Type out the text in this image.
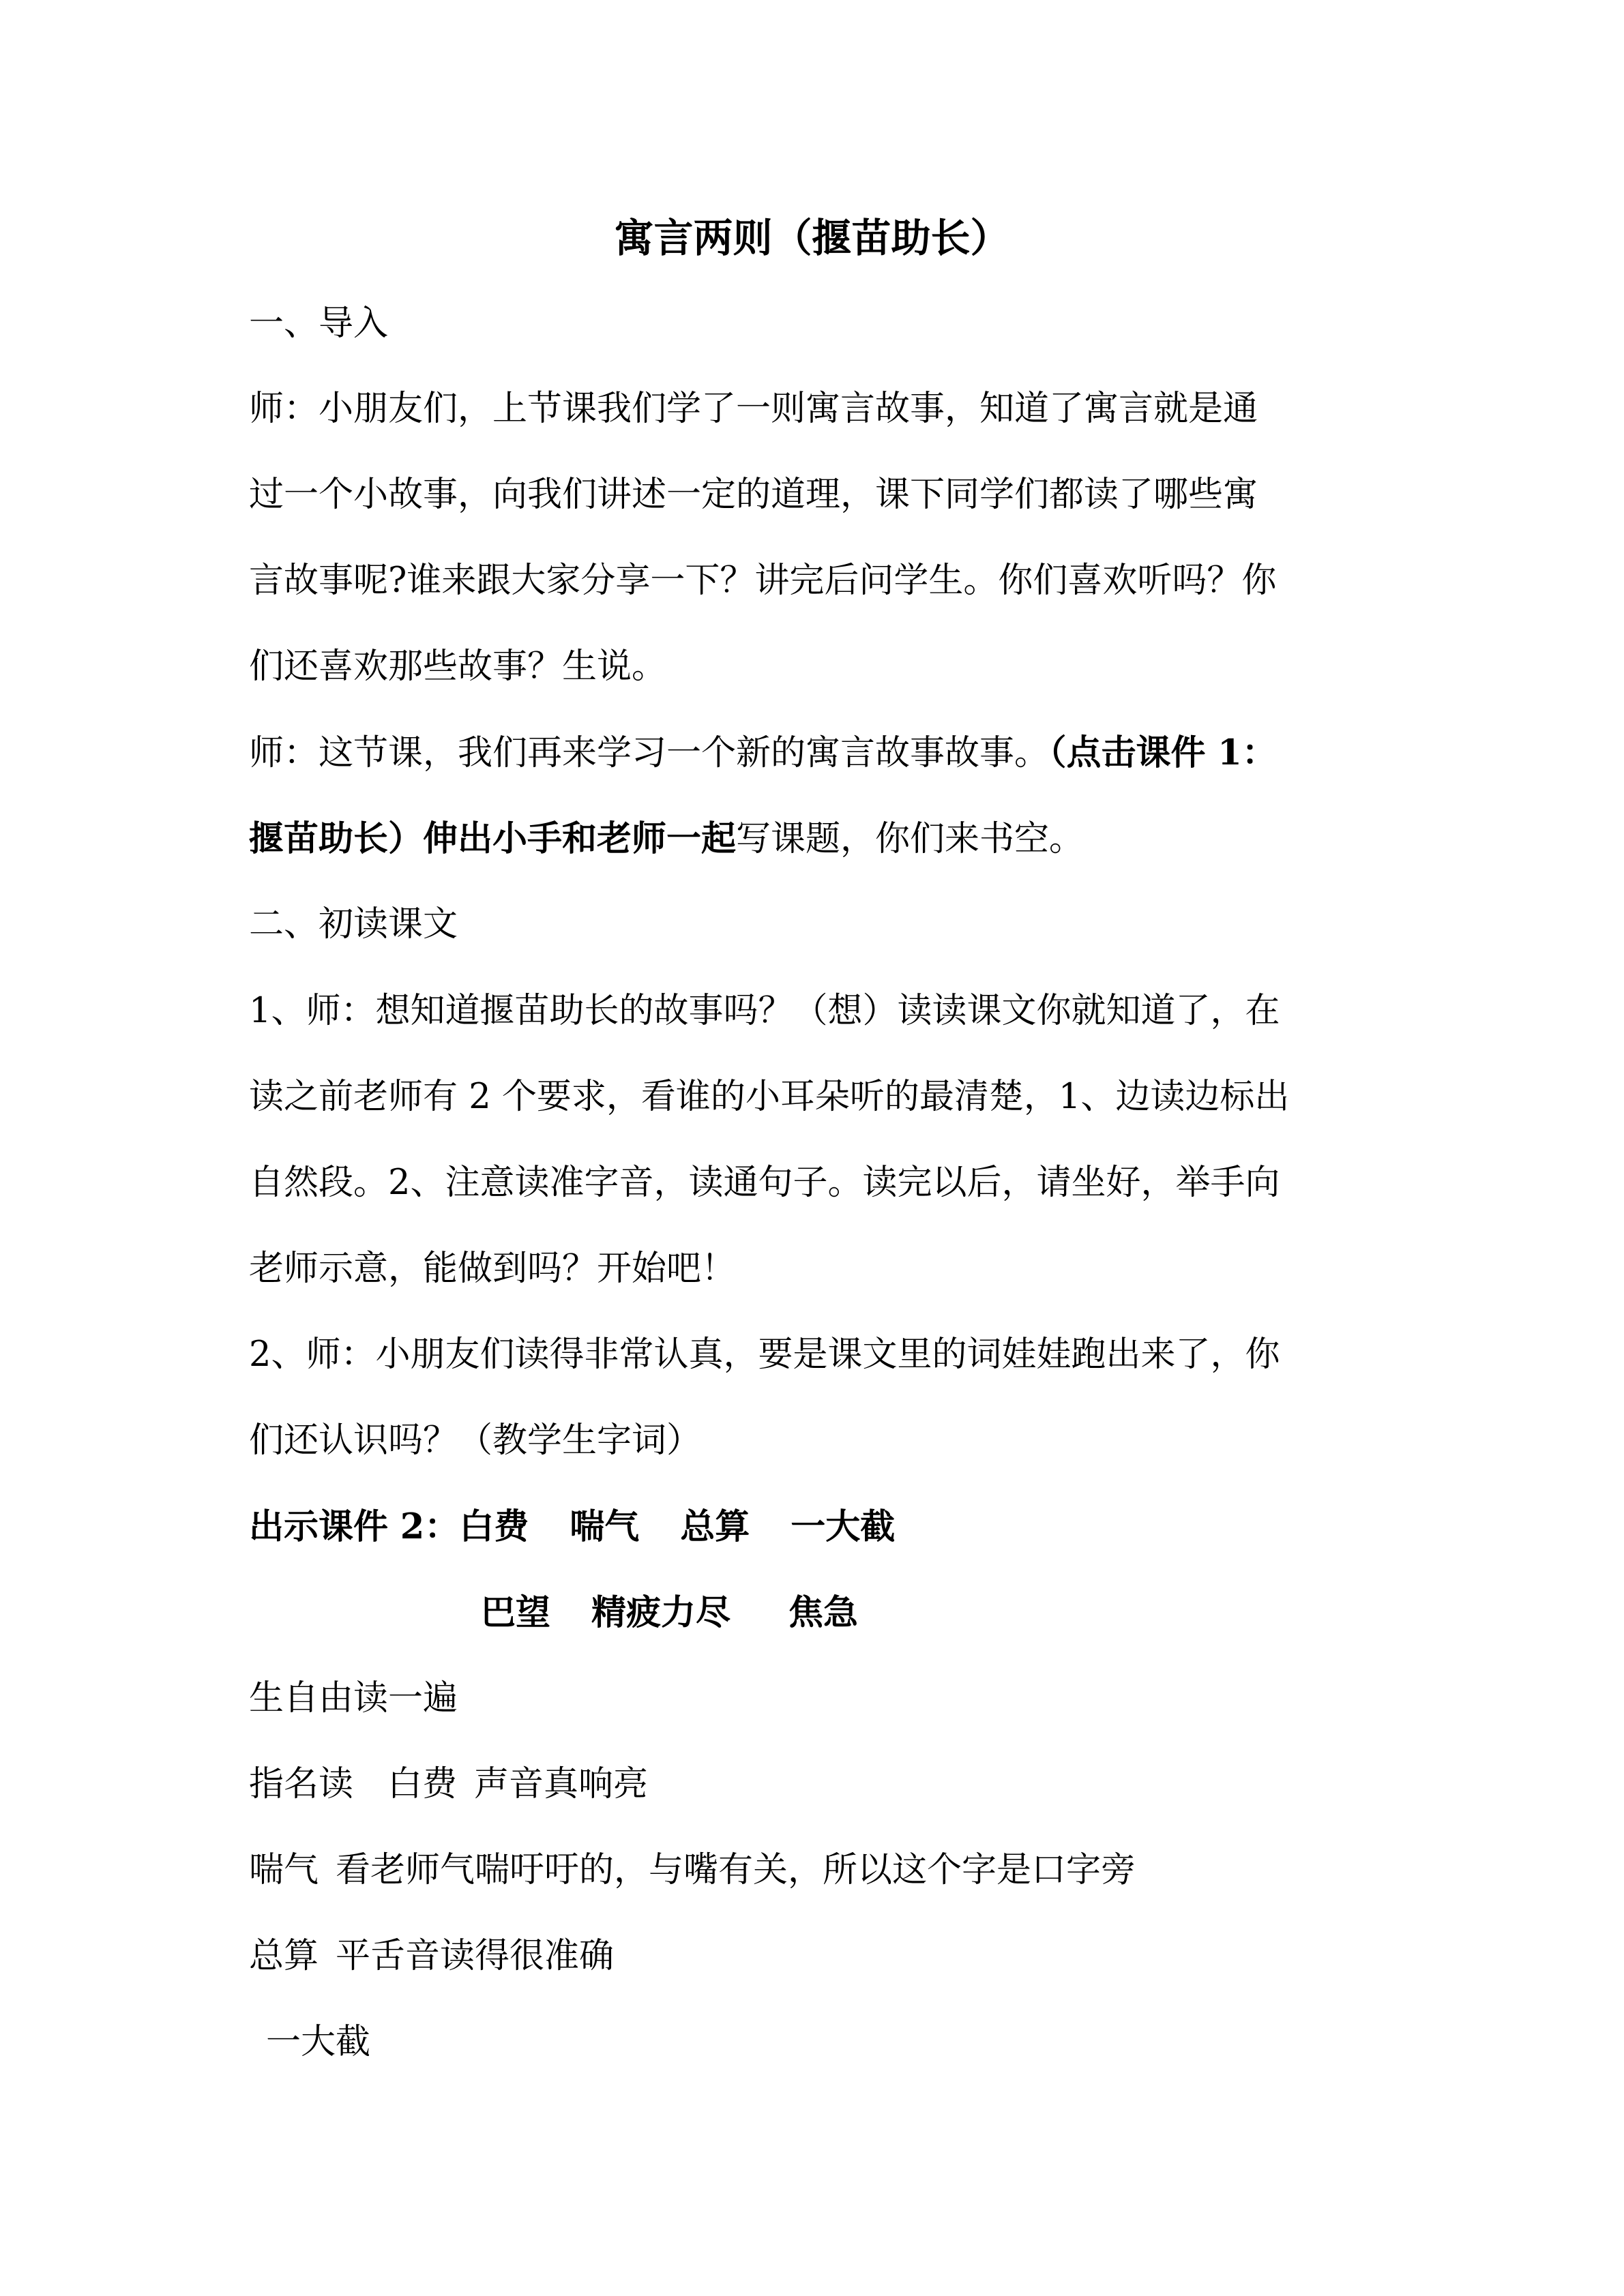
寓言两则（揠苗助长）
一、导入
师：小朋友们，上节课我们学了一则寓言故事，知道了寓言就是通
过一个小故事，向我们讲述一定的道理，课下同学们都读了哪些寓
言故事呢?谁来跟大家分享一下？讲完后问学生。你们喜欢听吗？你
们还喜欢那些故事？生说。
师：这节课，我们再来学习一个新的寓言故事故事。（点击课件 1：
揠苗助长）伸出小手和老师一起写课题，你们来书空。
二、初读课文
1、师：想知道揠苗助长的故事吗？（想）读读课文你就知道了，在
读之前老师有 2 个要求，看谁的小耳朵听的最清楚，1、边读边标出
自然段。2、注意读准字音，读通句子。读完以后，请坐好，举手向
老师示意，能做到吗？开始吧！
2、师：小朋友们读得非常认真，要是课文里的词娃娃跑出来了，你
们还认识吗？（教学生字词）
出示课件 2：白费 喘气 总算 一大截
巴望 精疲力尽 焦急
生自由读一遍
指名读 白费 声音真响亮
喘气 看老师气喘吁吁的，与嘴有关，所以这个字是口字旁
总算 平舌音读得很准确
一大截
